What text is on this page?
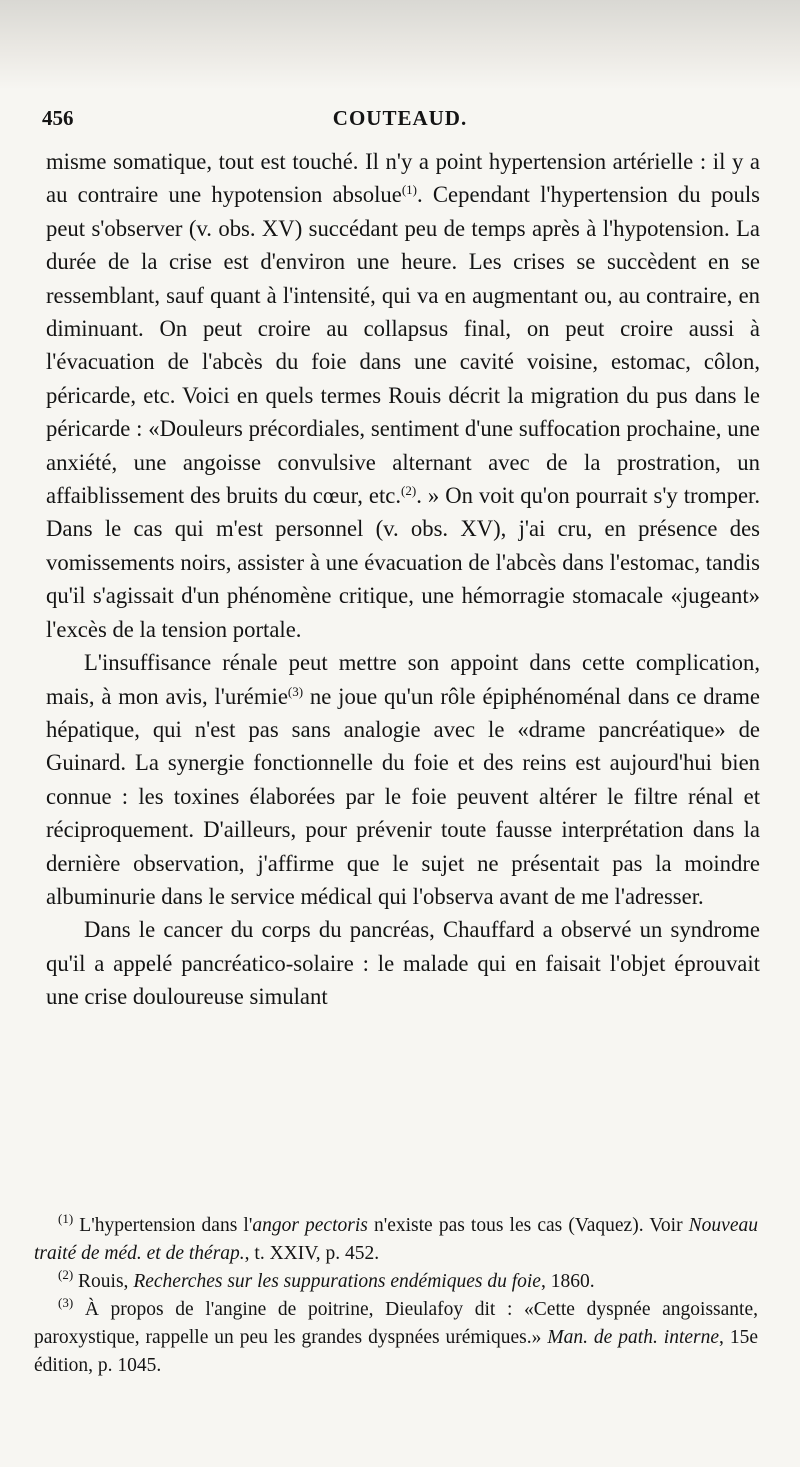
456	COUTEAUD.

misme somatique, tout est touché. Il n'y a point hypertension artérielle : il y a au contraire une hypotension absolue$^{(1)}$. Cependant l'hypertension du pouls peut s'observer (v. obs. XV) succédant peu de temps après à l'hypotension. La durée de la crise est d'environ une heure. Les crises se succèdent en se ressemblant, sauf quant à l'intensité, qui va en augmentant ou, au contraire, en diminuant. On peut croire au collapsus final, on peut croire aussi à l'évacuation de l'abcès du foie dans une cavité voisine, estomac, côlon, péricarde, etc. Voici en quels termes Rouis décrit la migration du pus dans le péricarde : «Douleurs précordiales, sentiment d'une suffocation prochaine, une anxiété, une angoisse convulsive alternant avec de la prostration, un affaiblissement des bruits du cœur, etc.$^{(2)}$. » On voit qu'on pourrait s'y tromper. Dans le cas qui m'est personnel (v. obs. XV), j'ai cru, en présence des vomissements noirs, assister à une évacuation de l'abcès dans l'estomac, tandis qu'il s'agissait d'un phénomène critique, une hémorragie stomacale «jugeant» l'excès de la tension portale.

L'insuffisance rénale peut mettre son appoint dans cette complication, mais, à mon avis, l'urémie$^{(3)}$ ne joue qu'un rôle épiphénoménal dans ce drame hépatique, qui n'est pas sans analogie avec le «drame pancréatique» de Guinard. La synergie fonctionnelle du foie et des reins est aujourd'hui bien connue : les toxines élaborées par le foie peuvent altérer le filtre rénal et réciproquement. D'ailleurs, pour prévenir toute fausse interprétation dans la dernière observation, j'affirme que le sujet ne présentait pas la moindre albuminurie dans le service médical qui l'observa avant de me l'adresser.

Dans le cancer du corps du pancréas, Chauffard a observé un syndrome qu'il a appelé pancréatico-solaire : le malade qui en faisait l'objet éprouvait une crise douloureuse simulant

$^{(1)}$ L'hypertension dans l'angor pectoris n'existe pas tous les cas (Vaquez). Voir Nouveau traité de méd. et de thérap., t. XXIV, p. 452.

$^{(2)}$ Rouis, Recherches sur les suppurations endémiques du foie, 1860.

$^{(3)}$ À propos de l'angine de poitrine, Dieulafoy dit : «Cette dyspnée angoissante, paroxystique, rappelle un peu les grandes dyspnées urémiques.» Man. de path. interne, 15e édition, p. 1045.
